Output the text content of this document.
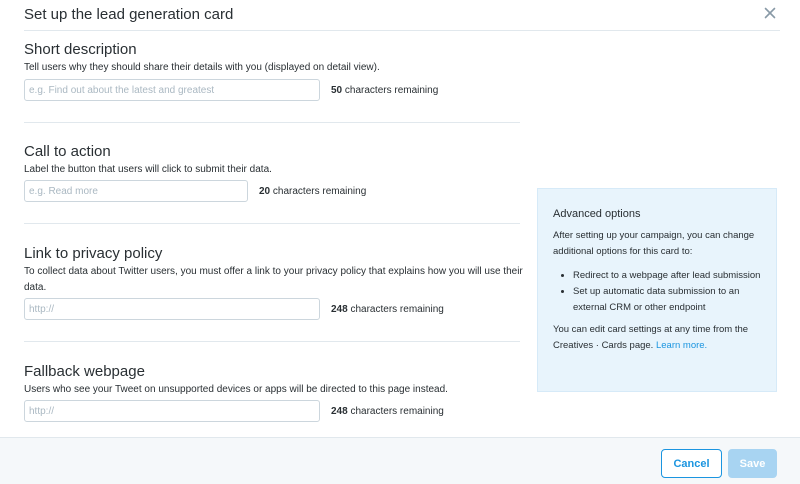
Set up the lead generation card
Short description
Tell users why they should share their details with you (displayed on detail view).
e.g. Find out about the latest and greatest
50 characters remaining
Call to action
Label the button that users will click to submit their data.
e.g. Read more
20 characters remaining
Link to privacy policy
To collect data about Twitter users, you must offer a link to your privacy policy that explains how you will use their data.
http://
248 characters remaining
Fallback webpage
Users who see your Tweet on unsupported devices or apps will be directed to this page instead.
http://
248 characters remaining
Advanced options
After setting up your campaign, you can change additional options for this card to:
• Redirect to a webpage after lead submission
• Set up automatic data submission to an external CRM or other endpoint
You can edit card settings at any time from the Creatives · Cards page. Learn more.
Cancel	Save
